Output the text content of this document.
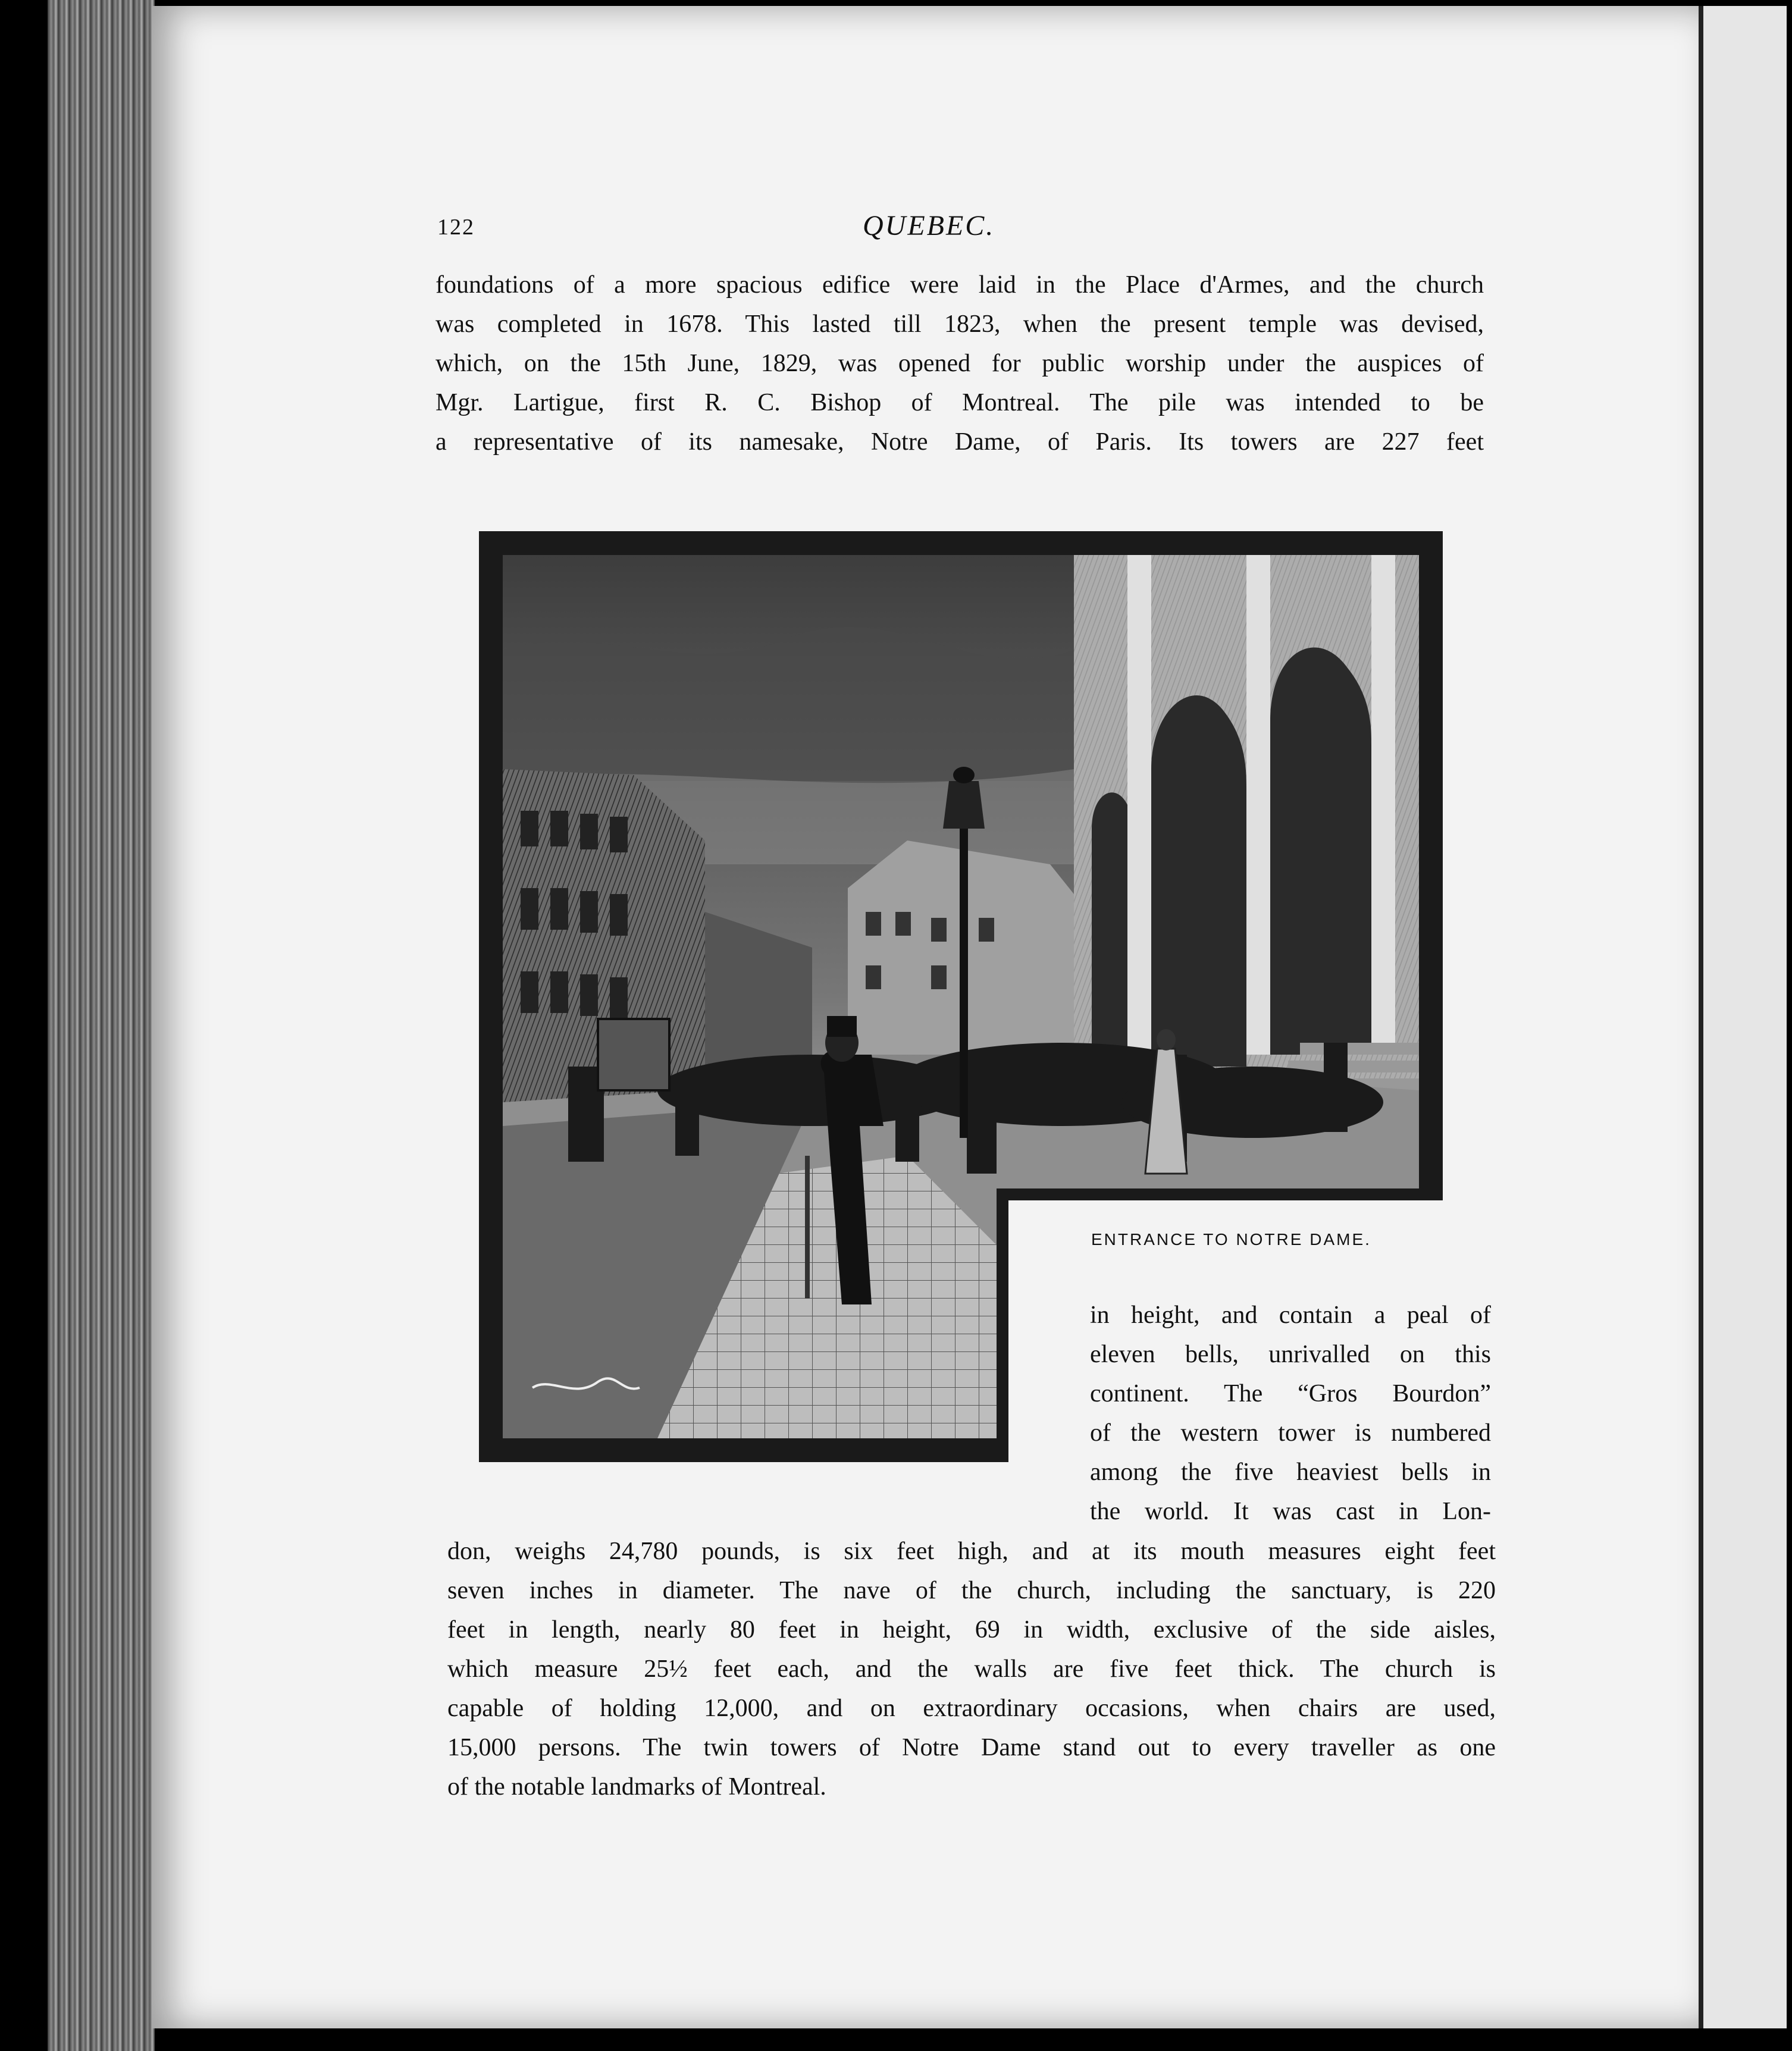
122	QUEBEC.
foundations of a more spacious edifice were laid in the Place d'Armes, and the church
was completed in 1678. This lasted till 1823, when the present temple was devised,
which, on the 15th June, 1829, was opened for public worship under the auspices of
Mgr. Lartigue, first R. C. Bishop of Montreal. The pile was intended to be
a representative of its namesake, Notre Dame, of Paris. Its towers are 227 feet
ENTRANCE TO NOTRE DAME.
in height, and contain a peal of
eleven bells, unrivalled on this
continent. The “Gros Bourdon”
of the western tower is numbered
among the five heaviest bells in
the world. It was cast in Lon-
don, weighs 24,780 pounds, is six feet high, and at its mouth measures eight feet
seven inches in diameter. The nave of the church, including the sanctuary, is 220
feet in length, nearly 80 feet in height, 69 in width, exclusive of the side aisles,
which measure 25½ feet each, and the walls are five feet thick. The church is
capable of holding 12,000, and on extraordinary occasions, when chairs are used,
15,000 persons. The twin towers of Notre Dame stand out to every traveller as one
of the notable landmarks of Montreal.
